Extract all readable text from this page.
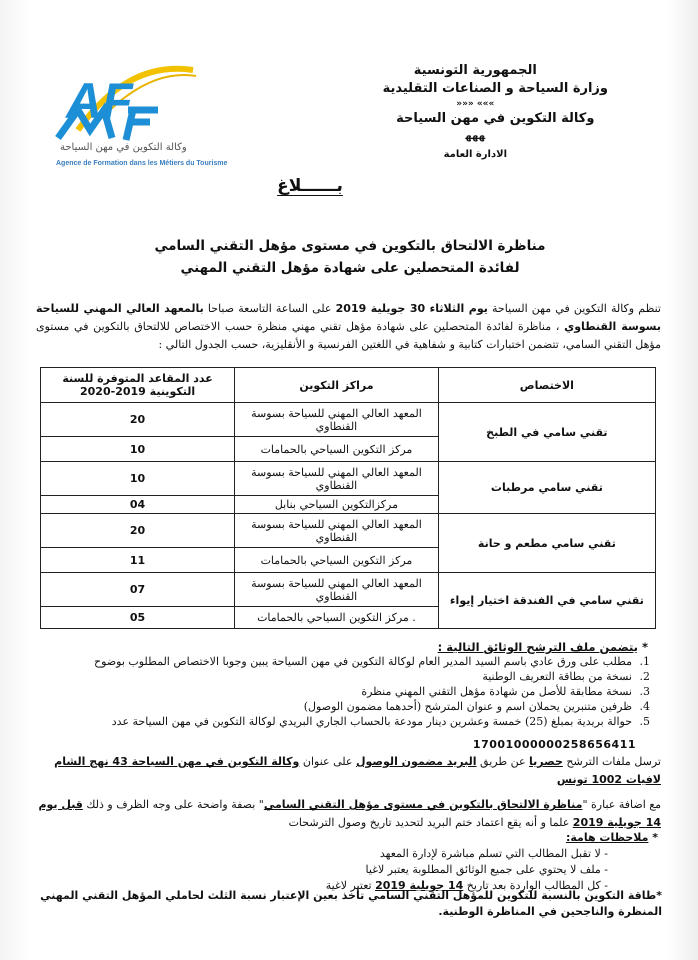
AF
وكالة التكوين في مهن السياحة
Agence de Formation dans les Métiers du Tourisme
الجمهورية التونسية
وزارة السياحة و الصناعات التقليدية
»»» «««
وكالة التكوين في مهن السياحة
ﮭﮭﮭ
الادارة العامة
بــــــلاغ
مناظرة الالتحاق بالتكوين في مستوى مؤهل التقني السامي
لفائدة المتحصلين على شهادة مؤهل التقني المهني
تنظم وكالة التكوين في مهن السياحة يوم الثلاثاء 30 جويلية 2019 على الساعة التاسعة صباحا بالمعهد العالي المهني للسياحة بسوسة القنطاوي ، مناظرة لفائدة المتحصلين على شهادة مؤهل تقني مهني منظرة حسب الاختصاص للالتحاق بالتكوين في مستوى مؤهل التقني السامي، تتضمن اختبارات كتابية و شفاهية في اللغتين الفرنسية و الأنقليزية، حسب الجدول التالي :
الاختصاص	مراكز التكوين	عدد المقاعد المتوفرة للسنة التكوينية 2019-2020
تقني سامي في الطبخ	المعهد العالي المهني للسياحة بسوسة القنطاوي	20
	مركز التكوين السياحي بالحمامات	10
تقني سامي مرطبات	المعهد العالي المهني للسياحة بسوسة القنطاوي	10
	مركزالتكوين السياحي بنابل	04
تقني سامي مطعم و حانة	المعهد العالي المهني للسياحة بسوسة القنطاوي	20
	مركز التكوين السياحي بالحمامات	11
تقني سامي في الفندقة اختيار إيواء	المعهد العالي المهني للسياحة بسوسة القنطاوي	07
	. مركز التكوين السياحي بالحمامات	05
* يتضمن ملف الترشح الوثائق التالية :
1. مطلب على ورق عادي باسم السيد المدير العام لوكالة التكوين في مهن السياحة يبين وجوبا الاختصاص المطلوب بوضوح
2. نسخة من بطاقة التعريف الوطنية
3. نسخة مطابقة للأصل من شهادة مؤهل التقني المهني منظرة
4. ظرفين متنبرين يحملان اسم و عنوان المترشح (أحدهما مضمون الوصول)
5. حوالة بريدية بمبلغ (25) خمسة وعشرين دينار مودعة بالحساب الجاري البريدي لوكالة التكوين في مهن السياحة عدد
17001000000258656411
ترسل ملفات الترشح حصريا عن طريق البريد مضمون الوصول على عنوان وكالة التكوين في مهن السياحة 43 نهج الشام لافيات 1002 تونس
مع اضافة عبارة "مناظرة الالتحاق بالتكوين في مستوى مؤهل التقني السامي" بصفة واضحة على وجه الظرف و ذلك قبل يوم 14 جويلية 2019 علما و أنه يقع اعتماد ختم البريد لتحديد تاريخ وصول الترشحات
* ملاحظات هامة:
- لا تقبل المطالب التي تسلم مباشرة لإدارة المعهد
- ملف لا يحتوي على جميع الوثائق المطلوبة يعتبر لاغيا
- كل المطالب الواردة بعد تاريخ 14 جويلية 2019 تعتبر لاغية
*طاقة التكوين بالنسبة للتكوين للمؤهل التقني السامي تأخذ بعين الإعتبار نسبة الثلث لحاملي المؤهل التقني المهني المنظرة والناجحين في المناظرة الوطنية.
